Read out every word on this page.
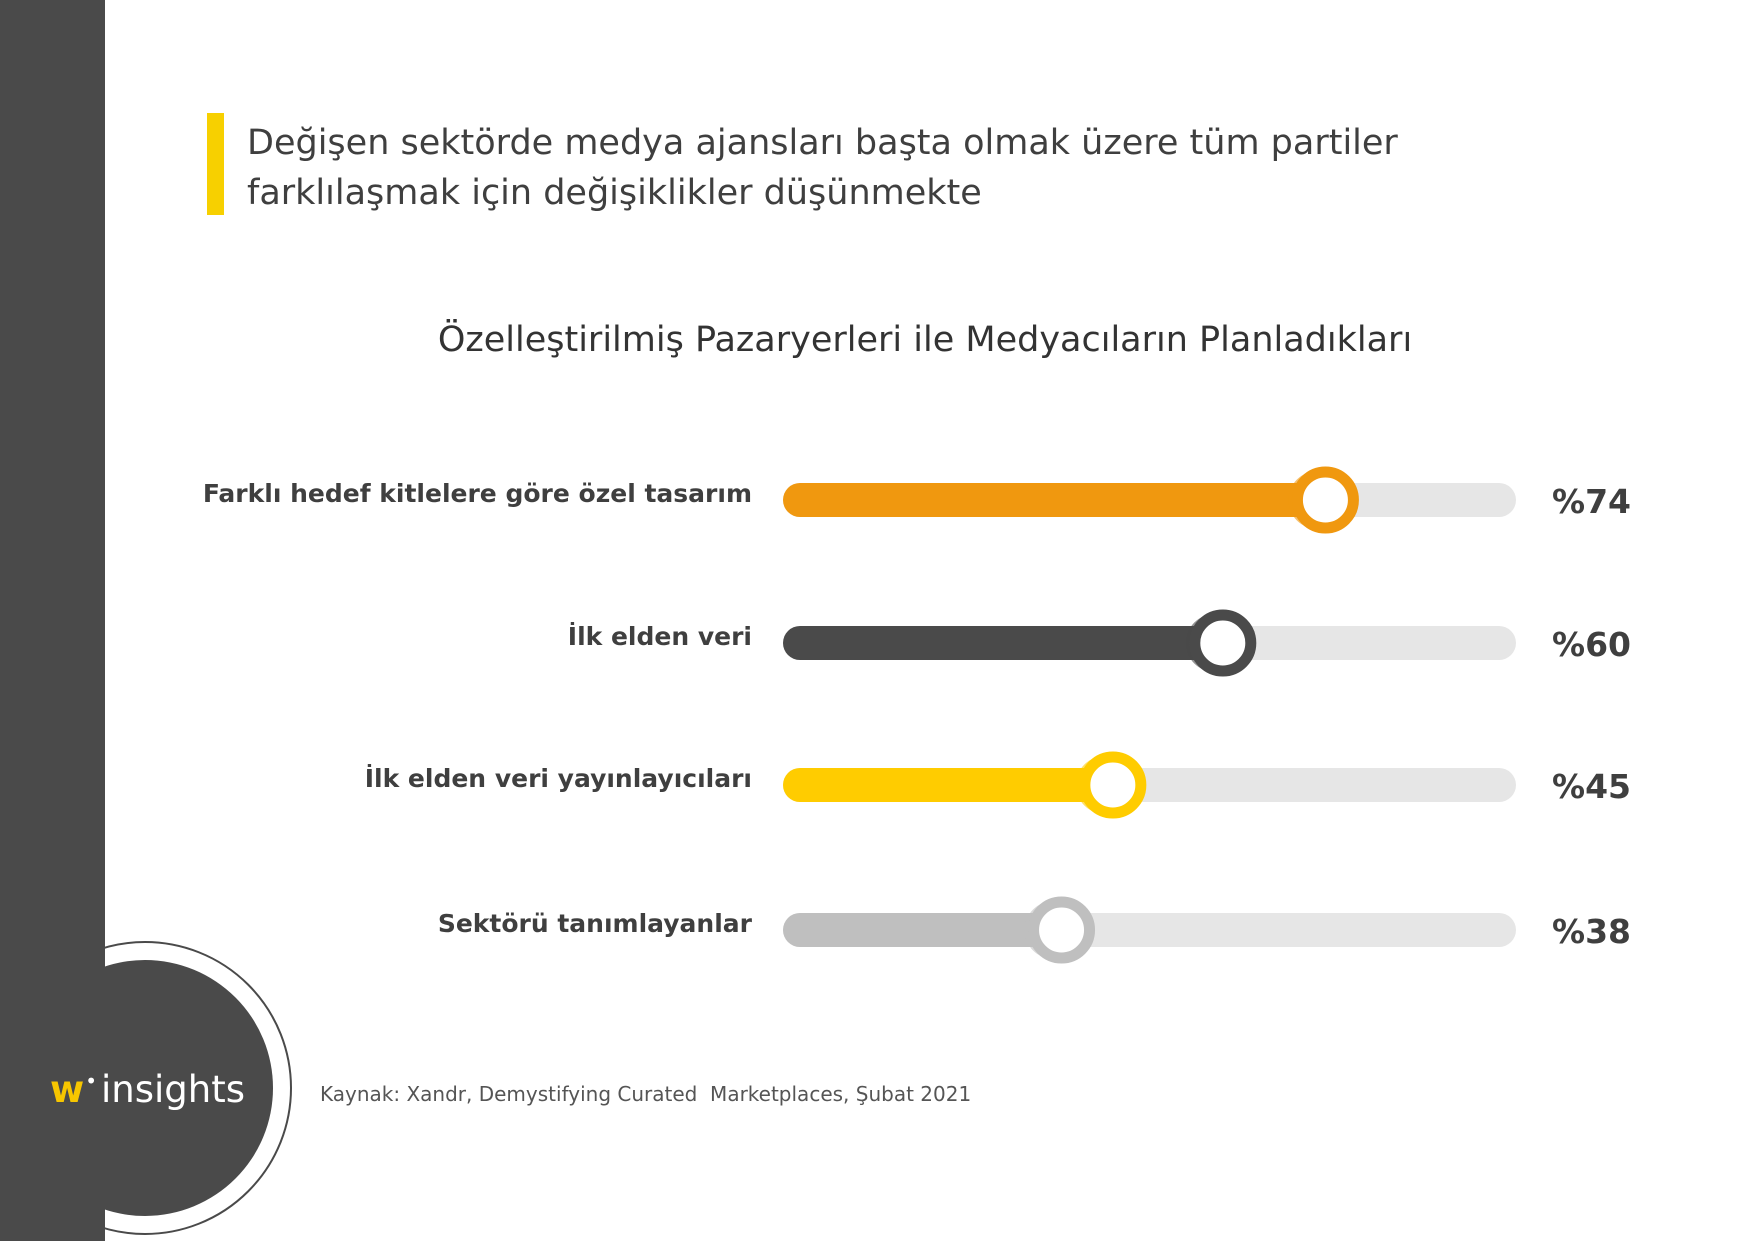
w• insights
Değişen sektörde medya ajansları başta olmak üzere tüm partiler
farklılaşmak için değişiklikler düşünmekte
Özelleştirilmiş Pazaryerleri ile Medyacıların Planladıkları
Farklı hedef kitlelere göre özel tasarım	%74
İlk elden veri	%60
İlk elden veri yayınlayıcıları	%45
Sektörü tanımlayanlar	%38
Kaynak: Xandr, Demystifying Curated  Marketplaces, Şubat 2021
